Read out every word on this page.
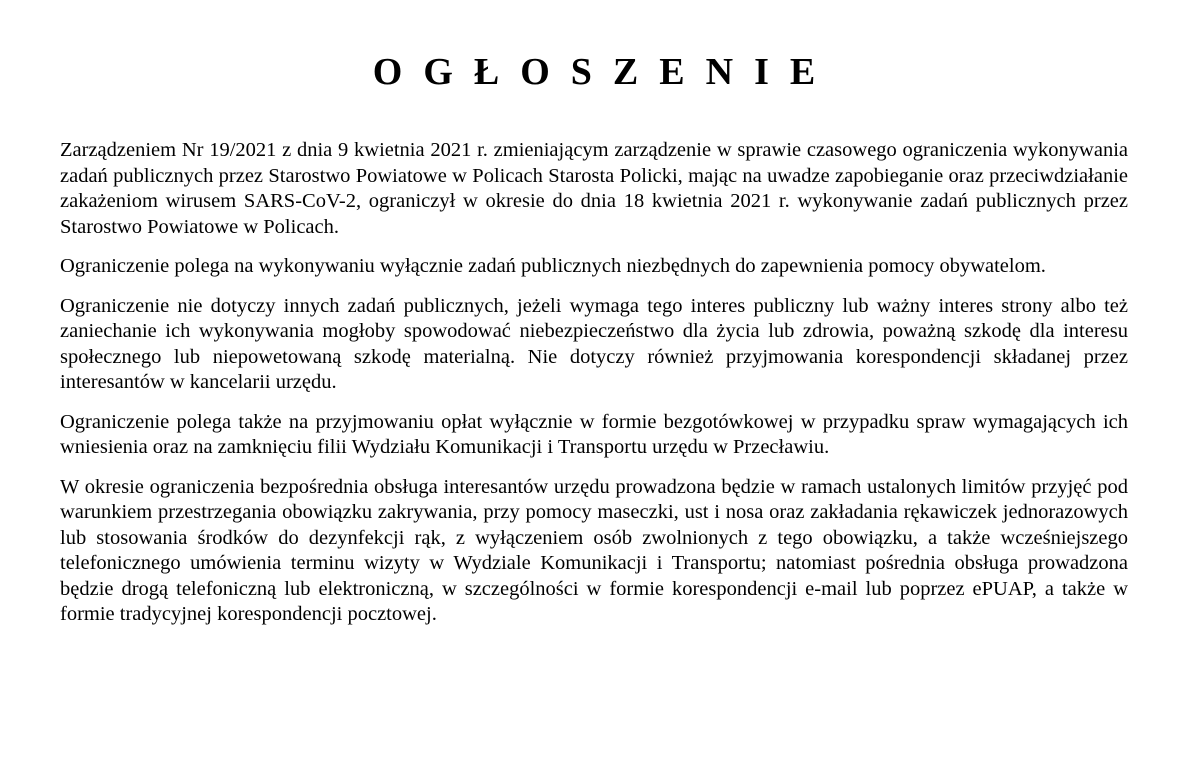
OGŁOSZENIE

Zarządzeniem Nr 19/2021 z dnia 9 kwietnia 2021 r. zmieniającym zarządzenie w sprawie czasowego ograniczenia wykonywania zadań publicznych przez Starostwo Powiatowe w Policach Starosta Policki, mając na uwadze zapobieganie oraz przeciwdziałanie zakażeniom wirusem SARS-CoV-2, ograniczył w okresie do dnia 18 kwietnia 2021 r. wykonywanie zadań publicznych przez Starostwo Powiatowe w Policach.

Ograniczenie polega na wykonywaniu wyłącznie zadań publicznych niezbędnych do zapewnienia pomocy obywatelom.

Ograniczenie nie dotyczy innych zadań publicznych, jeżeli wymaga tego interes publiczny lub ważny interes strony albo też zaniechanie ich wykonywania mogłoby spowodować niebezpieczeństwo dla życia lub zdrowia, poważną szkodę dla interesu społecznego lub niepowetowaną szkodę materialną. Nie dotyczy również przyjmowania korespondencji składanej przez interesantów w kancelarii urzędu.

Ograniczenie polega także na przyjmowaniu opłat wyłącznie w formie bezgotówkowej w przypadku spraw wymagających ich wniesienia oraz na zamknięciu filii Wydziału Komunikacji i Transportu urzędu w Przecławiu.

W okresie ograniczenia bezpośrednia obsługa interesantów urzędu prowadzona będzie w ramach ustalonych limitów przyjęć pod warunkiem przestrzegania obowiązku zakrywania, przy pomocy maseczki, ust i nosa oraz zakładania rękawiczek jednorazowych lub stosowania środków do dezynfekcji rąk, z wyłączeniem osób zwolnionych z tego obowiązku, a także wcześniejszego telefonicznego umówienia terminu wizyty w Wydziale Komunikacji i Transportu; natomiast pośrednia obsługa prowadzona będzie drogą telefoniczną lub elektroniczną, w szczególności w formie korespondencji e-mail lub poprzez ePUAP, a także w formie tradycyjnej korespondencji pocztowej.
